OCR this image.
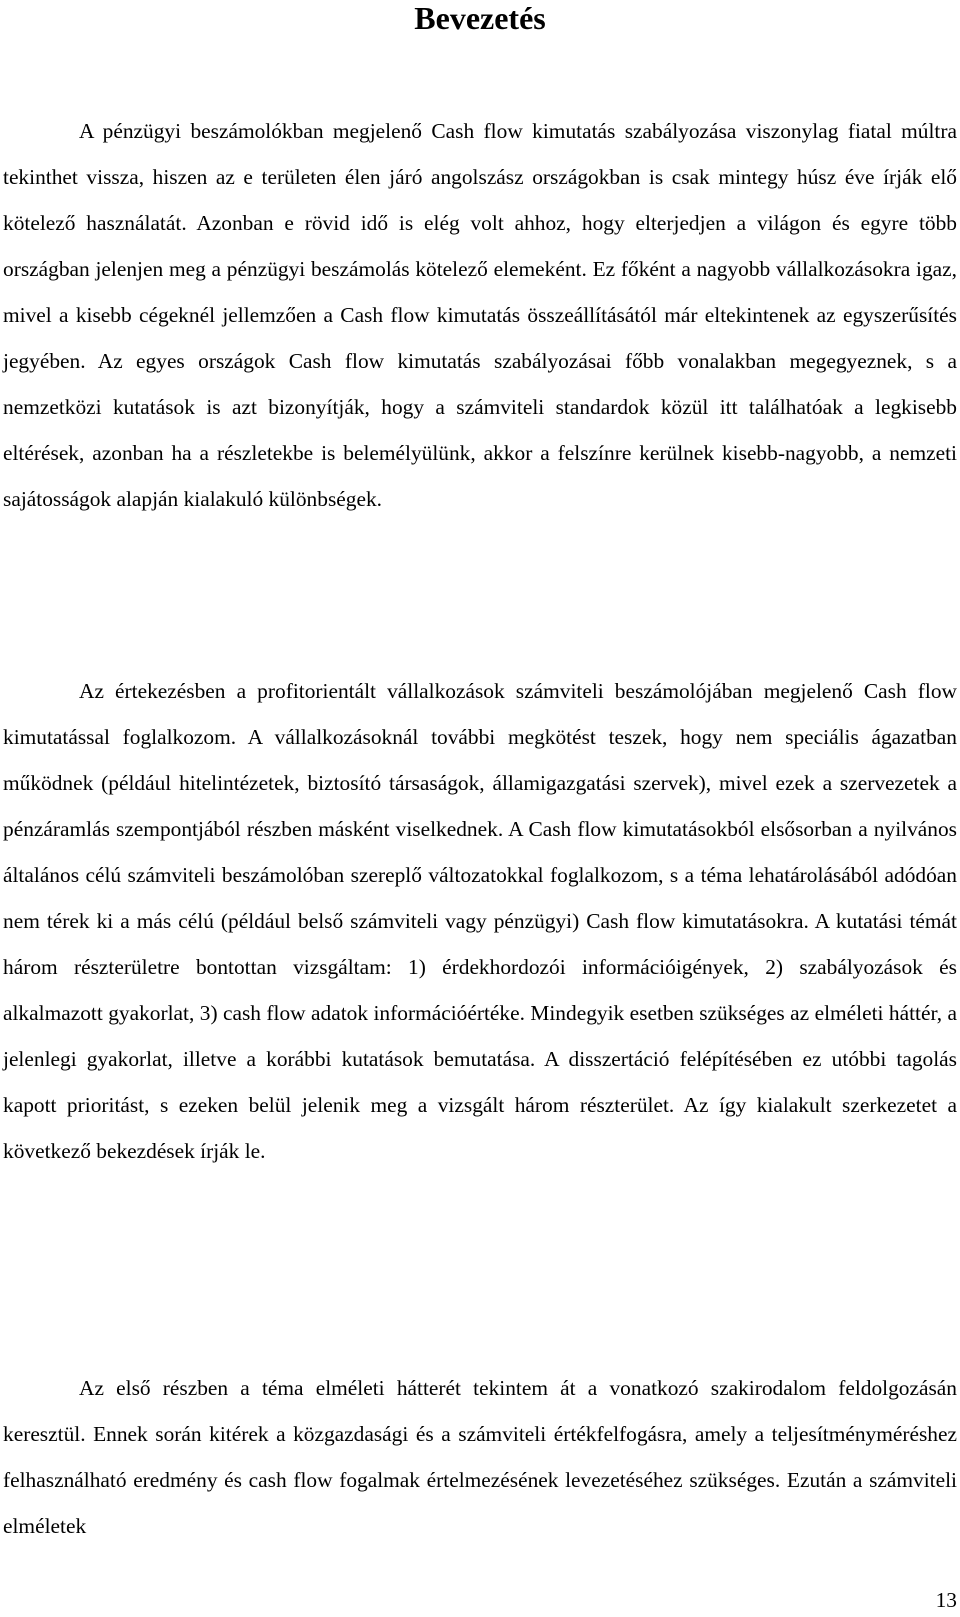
Bevezetés

A pénzügyi beszámolókban megjelenő Cash flow kimutatás szabályozása viszonylag fiatal múltra tekinthet vissza, hiszen az e területen élen járó angolszász országokban is csak mintegy húsz éve írják elő kötelező használatát. Azonban e rövid idő is elég volt ahhoz, hogy elterjedjen a világon és egyre több országban jelenjen meg a pénzügyi beszámolás kötelező elemeként. Ez főként a nagyobb vállalkozásokra igaz, mivel a kisebb cégeknél jellemzően a Cash flow kimutatás összeállításától már eltekintenek az egyszerűsítés jegyében. Az egyes országok Cash flow kimutatás szabályozásai főbb vonalakban megegyeznek, s a nemzetközi kutatások is azt bizonyítják, hogy a számviteli standardok közül itt találhatóak a legkisebb eltérések, azonban ha a részletekbe is belemélyülünk, akkor a felszínre kerülnek kisebb-nagyobb, a nemzeti sajátosságok alapján kialakuló különbségek.

Az értekezésben a profitorientált vállalkozások számviteli beszámolójában megjelenő Cash flow kimutatással foglalkozom. A vállalkozásoknál további megkötést teszek, hogy nem speciális ágazatban működnek (például hitelintézetek, biztosító társaságok, államigazgatási szervek), mivel ezek a szervezetek a pénzáramlás szempontjából részben másként viselkednek. A Cash flow kimutatásokból elsősorban a nyilvános általános célú számviteli beszámolóban szereplő változatokkal foglalkozom, s a téma lehatárolásából adódóan nem térek ki a más célú (például belső számviteli vagy pénzügyi) Cash flow kimutatásokra. A kutatási témát három részterületre bontottan vizsgáltam: 1) érdekhordozói információigények, 2) szabályozások és alkalmazott gyakorlat, 3) cash flow adatok információértéke. Mindegyik esetben szükséges az elméleti háttér, a jelenlegi gyakorlat, illetve a korábbi kutatások bemutatása. A disszertáció felépítésében ez utóbbi tagolás kapott prioritást, s ezeken belül jelenik meg a vizsgált három részterület. Az így kialakult szerkezetet a következő bekezdések írják le.

Az első részben a téma elméleti hátterét tekintem át a vonatkozó szakirodalom feldolgozásán keresztül. Ennek során kitérek a közgazdasági és a számviteli értékfelfogásra, amely a teljesítményméréshez felhasználható eredmény és cash flow fogalmak értelmezésének levezetéséhez szükséges. Ezután a számviteli elméletek

13
